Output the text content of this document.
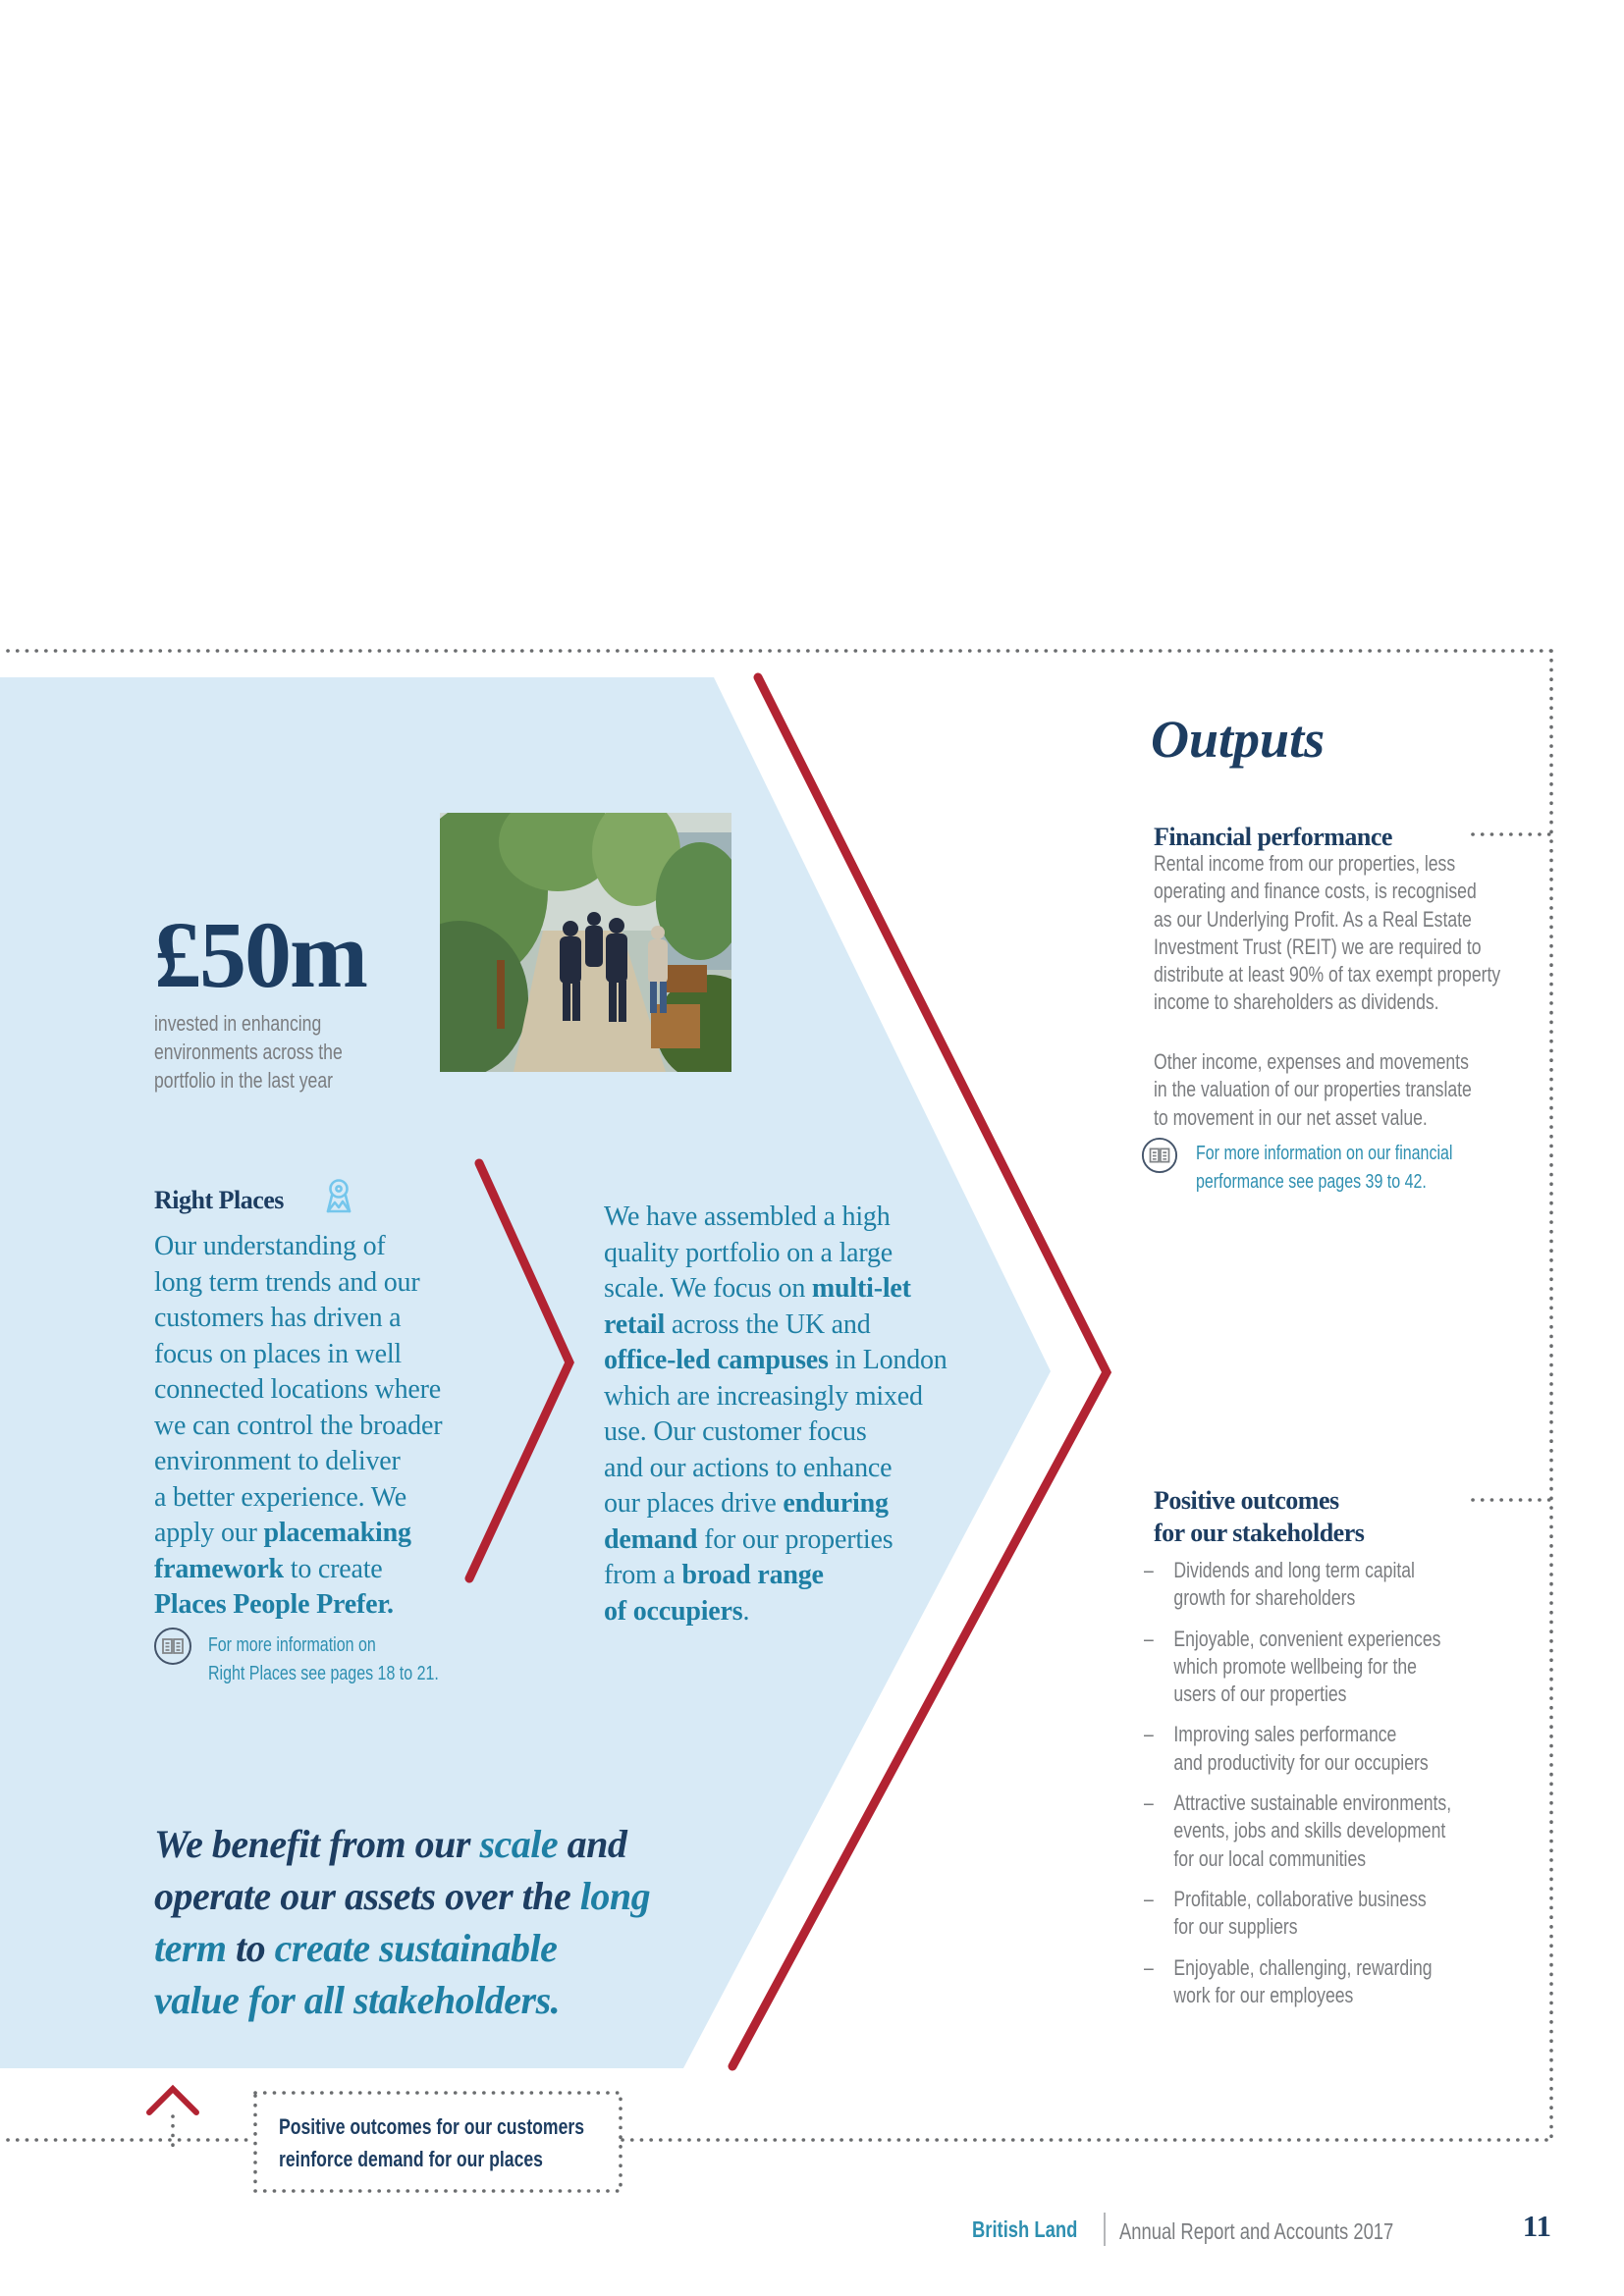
£50m
invested in enhancing
environments across the
portfolio in the last year
Right Places
Our understanding of
long term trends and our
customers has driven a
focus on places in well
connected locations where
we can control the broader
environment to deliver
a better experience. We
apply our placemaking
framework to create
Places People Prefer.
For more information on
Right Places see pages 18 to 21.
We have assembled a high
quality portfolio on a large
scale. We focus on multi-let
retail across the UK and
office-led campuses in London
which are increasingly mixed
use. Our customer focus
and our actions to enhance
our places drive enduring
demand for our properties
from a broad range
of occupiers.
We benefit from our scale and
operate our assets over the long
term to create sustainable
value for all stakeholders.
Outputs
Financial performance
Rental income from our properties, less
operating and finance costs, is recognised
as our Underlying Profit. As a Real Estate
Investment Trust (REIT) we are required to
distribute at least 90% of tax exempt property
income to shareholders as dividends.
Other income, expenses and movements
in the valuation of our properties translate
to movement in our net asset value.
For more information on our financial
performance see pages 39 to 42.
Positive outcomes
for our stakeholders
– Dividends and long term capital
growth for shareholders
– Enjoyable, convenient experiences
which promote wellbeing for the
users of our properties
– Improving sales performance
and productivity for our occupiers
– Attractive sustainable environments,
events, jobs and skills development
for our local communities
– Profitable, collaborative business
for our suppliers
– Enjoyable, challenging, rewarding
work for our employees
Positive outcomes for our customers
reinforce demand for our places
British Land Annual Report and Accounts 2017	11
